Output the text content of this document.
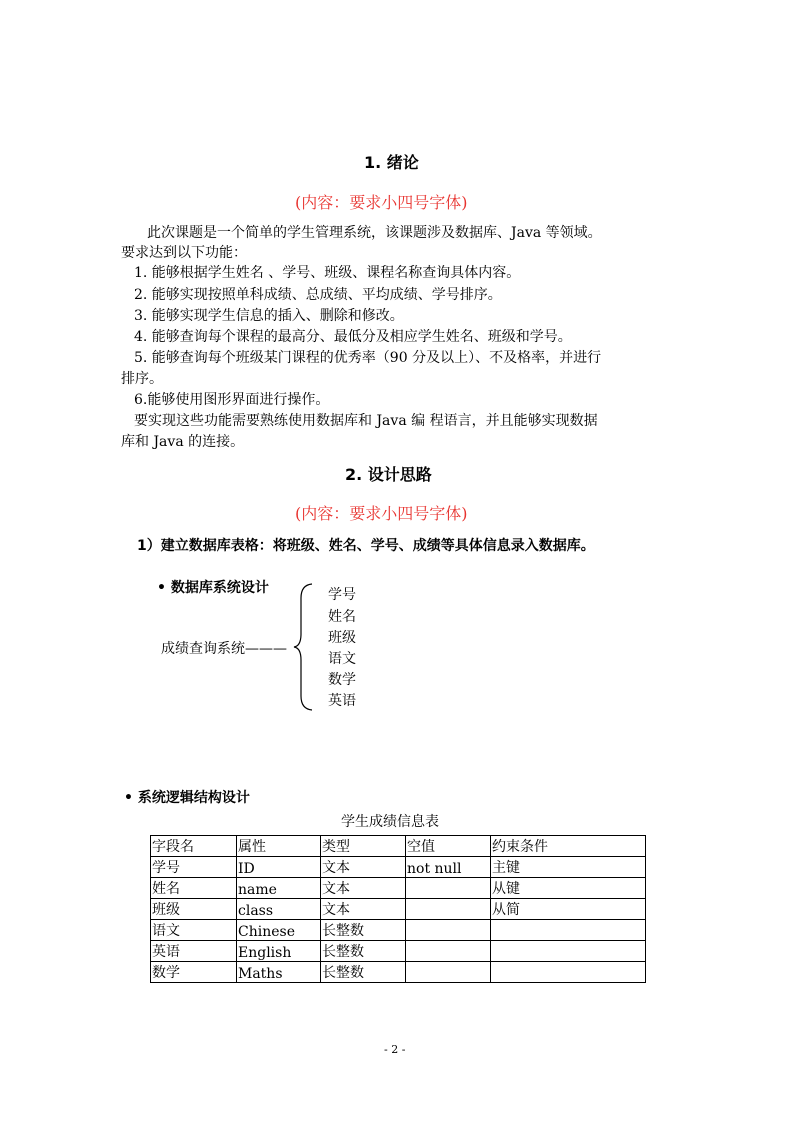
1. 绪论
(内容：要求小四号字体)
此次课题是一个简单的学生管理系统，该课题涉及数据库、Java 等领域。
要求达到以下功能：
1. 能够根据学生姓名 、学号、班级、课程名称查询具体内容。
2. 能够实现按照单科成绩、总成绩、平均成绩、学号排序。
3. 能够实现学生信息的插入、删除和修改。
4. 能够查询每个课程的最高分、最低分及相应学生姓名、班级和学号。
5. 能够查询每个班级某门课程的优秀率（90 分及以上）、不及格率，并进行
排序。
6.能够使用图形界面进行操作。
要实现这些功能需要熟练使用数据库和 Java 编 程语言，并且能够实现数据
库和 Java 的连接。
2. 设计思路
(内容：要求小四号字体)
1）建立数据库表格：将班级、姓名、学号、成绩等具体信息录入数据库。
• 数据库系统设计
成绩查询系统———
学号
姓名
班级
语文
数学
英语
• 系统逻辑结构设计
学生成绩信息表
字段名	属性	类型	空值	约束条件
学号	ID	文本	not null	主键
姓名	name	文本		从键
班级	class	文本		从简
语文	Chinese	长整数		
英语	English	长整数		
数学	Maths	长整数		
- 2 -
